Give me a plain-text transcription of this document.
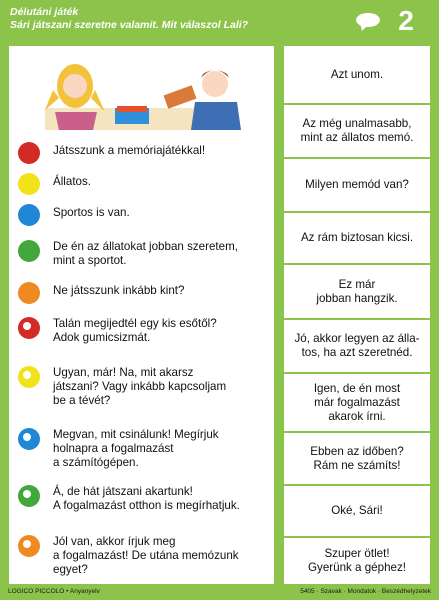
Délutáni játék
Sári játszani szeretne valamit. Mit válaszol Lali?	2
Játsszunk a memóriajátékkal!
Állatos.
Sportos is van.
De én az állatokat jobban szeretem,
mint a sportot.
Ne játsszunk inkább kint?
Talán megijedtél egy kis esőtől?
Adok gumicsizmát.
Ugyan, már! Na, mit akarsz
játszani? Vagy inkább kapcsoljam
be a tévét?
Megvan, mit csinálunk! Megírjuk
holnapra a fogalmazást
a számítógépen.
Á, de hát játszani akartunk!
A fogalmazást otthon is megírhatjuk.
Jól van, akkor írjuk meg
a fogalmazást! De utána memózunk
egyet?
Azt unom.
Az még unalmasabb,
mint az állatos memó.
Milyen memód van?
Az rám biztosan kicsi.
Ez már
jobban hangzik.
Jó, akkor legyen az állа-
tos, ha azt szeretnéd.
Igen, de én most
már fogalmazást
akarok írni.
Ebben az időben?
Rám ne számíts!
Oké, Sári!
Szuper ötlet!
Gyerünk a géphez!
LOGICO PICCOLO • Anyanyelv	5405 · Szavak · Mondatok · Beszédhelyzetek
